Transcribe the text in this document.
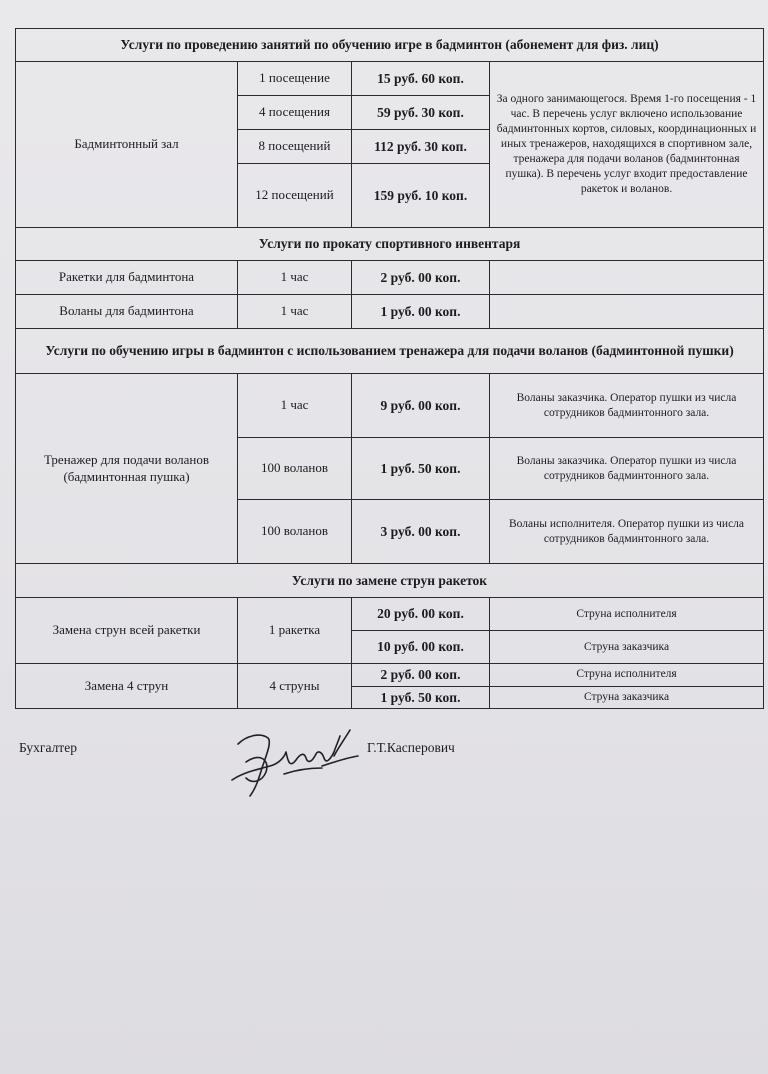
Услуги по проведению занятий по обучению игре в бадминтон (абонемент для физ. лиц)			
Бадминтонный зал	1 посещение	15 руб. 60 коп.	За одного занимающегося. Время 1-го посещения - 1 час. В перечень услуг включено использование бадминтонных кортов, силовых, координационных и иных тренажеров, находящихся в спортивном зале, тренажера для подачи воланов (бадминтонная пушка). В перечень услуг входит предоставление ракеток и воланов.
	4 посещения	59 руб. 30 коп.	
	8 посещений	112 руб. 30 коп.	
	12 посещений	159 руб. 10 коп.	
Услуги по прокату спортивного инвентаря			
Ракетки для бадминтона	1 час	2 руб. 00 коп.	
Воланы для бадминтона	1 час	1 руб. 00 коп.	
Услуги по обучению игры в бадминтон с использованием тренажера для подачи воланов (бадминтонной пушки)			
Тренажер для подачи воланов (бадминтонная пушка)	1 час	9 руб. 00 коп.	Воланы заказчика. Оператор пушки из числа сотрудников бадминтонного зала.
	100 воланов	1 руб. 50 коп.	Воланы заказчика. Оператор пушки из числа сотрудников бадминтонного зала.
	100 воланов	3 руб. 00 коп.	Воланы исполнителя. Оператор пушки из числа сотрудников бадминтонного зала.
Услуги по замене струн ракеток			
Замена струн всей ракетки	1 ракетка	20 руб. 00 коп.	Струна исполнителя
		10 руб. 00 коп.	Струна заказчика
Замена 4 струн	4 струны	2 руб. 00 коп.	Струна исполнителя
		1 руб. 50 коп.	Струна заказчика
Бухгалтер	Г.Т.Касперович
